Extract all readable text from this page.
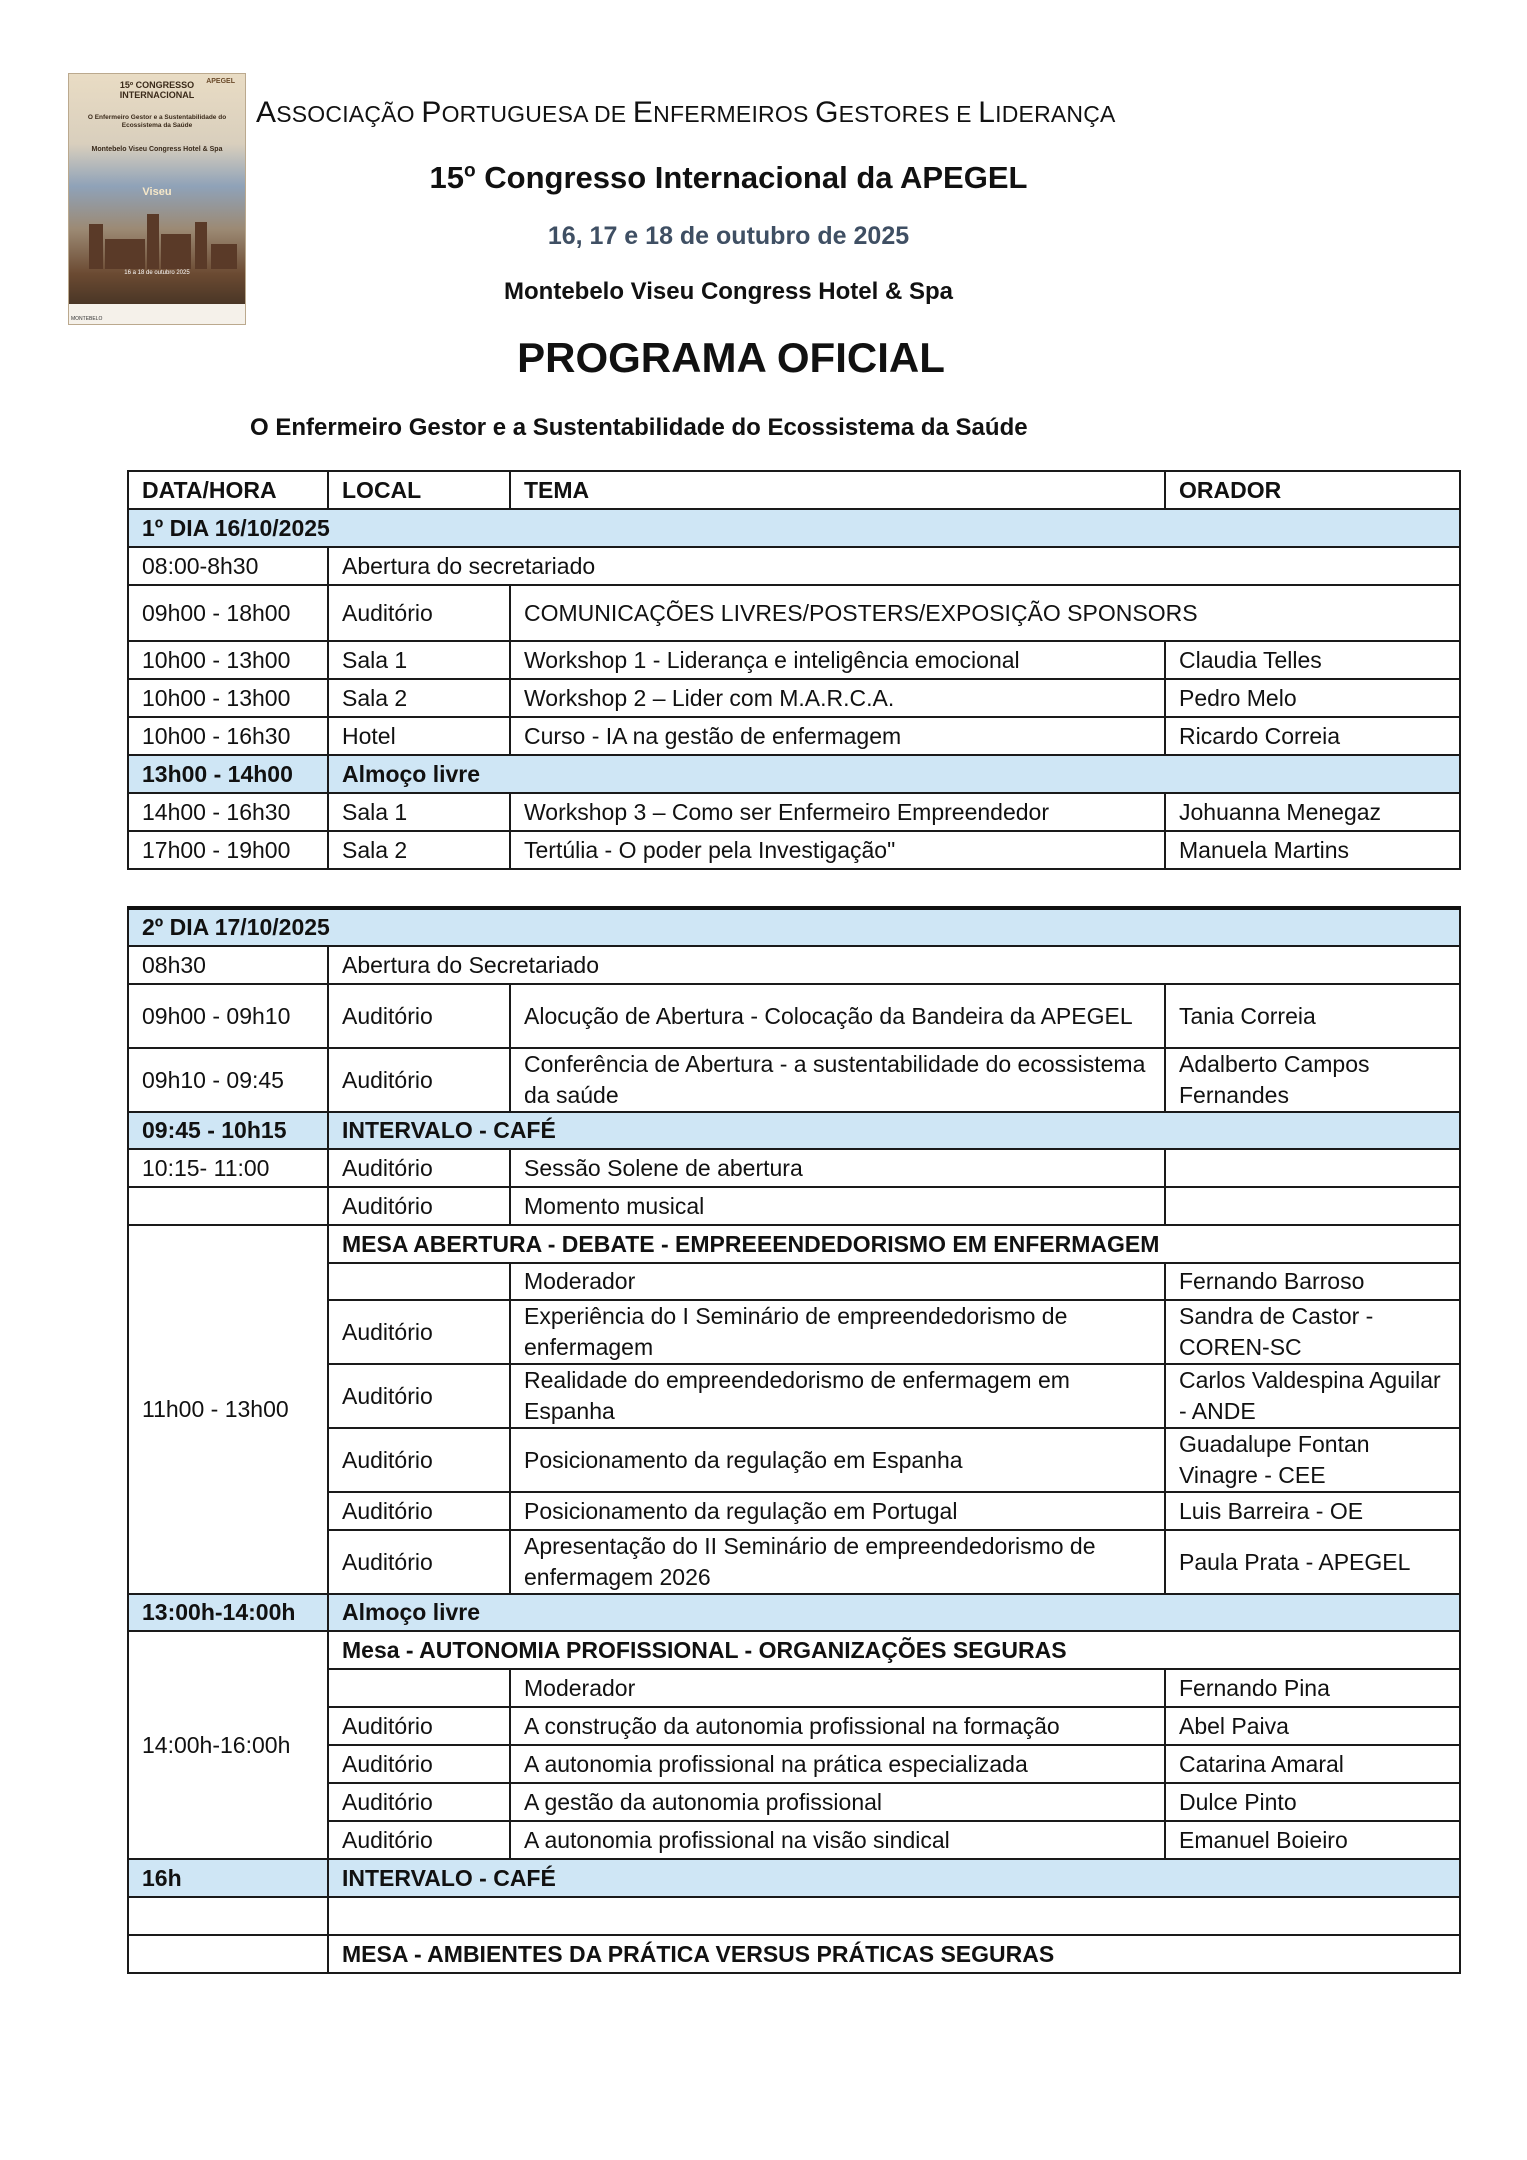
APEGEL
15º CONGRESSO INTERNACIONAL
O Enfermeiro Gestor e a Sustentabilidade do Ecossistema da Saúde
Montebelo Viseu Congress Hotel & Spa
Viseu
16 a 18 de outubro 2025
MONTEBELO
ASSOCIAÇÃO PORTUGUESA DE ENFERMEIROS GESTORES E LIDERANÇA
15$^o$ Congresso Internacional da APEGEL
16, 17 e 18 de outubro de 2025
Montebelo Viseu Congress Hotel & Spa
PROGRAMA OFICIAL
O Enfermeiro Gestor e a Sustentabilidade do Ecossistema da Saúde
DATA/HORA	LOCAL	TEMA	ORADOR
1º DIA 16/10/2025			
08:00-8h30	Abertura do secretariado		
09h00 - 18h00	Auditório	COMUNICAÇÕES LIVRES/POSTERS/EXPOSIÇÃO SPONSORS	
10h00 - 13h00	Sala 1	Workshop 1 - Liderança e inteligência emocional	Claudia Telles
10h00 - 13h00	Sala 2	Workshop 2 – Lider com M.A.R.C.A.	Pedro Melo
10h00 - 16h30	Hotel	Curso - IA na gestão de enfermagem	Ricardo Correia
13h00 - 14h00	Almoço livre		
14h00 - 16h30	Sala 1	Workshop 3 – Como ser Enfermeiro Empreendedor	Johuanna Menegaz
17h00 - 19h00	Sala 2	Tertúlia - O poder pela Investigação"	Manuela Martins
2º DIA 17/10/2025			
08h30	Abertura do Secretariado		
09h00 - 09h10	Auditório	Alocução de Abertura - Colocação da Bandeira da APEGEL	Tania Correia
09h10 - 09:45	Auditório	Conferência de Abertura - a sustentabilidade do ecossistema da saúde	Adalberto Campos Fernandes
09:45 - 10h15	INTERVALO - CAFÉ		
10:15- 11:00	Auditório	Sessão Solene de abertura	
	Auditório	Momento musical	
11h00 - 13h00	MESA ABERTURA - DEBATE - EMPREEENDEDORISMO EM ENFERMAGEM		
		Moderador	Fernando Barroso
	Auditório	Experiência do I Seminário de empreendedorismo de enfermagem	Sandra de Castor - COREN-SC
	Auditório	Realidade do empreendedorismo de enfermagem em Espanha	Carlos Valdespina Aguilar - ANDE
	Auditório	Posicionamento da regulação em Espanha	Guadalupe Fontan Vinagre - CEE
	Auditório	Posicionamento da regulação em Portugal	Luis Barreira - OE
	Auditório	Apresentação do II Seminário de empreendedorismo de enfermagem 2026	Paula Prata - APEGEL
13:00h-14:00h	Almoço livre		
14:00h-16:00h	Mesa - AUTONOMIA PROFISSIONAL - ORGANIZAÇÕES SEGURAS		
		Moderador	Fernando Pina
	Auditório	A construção da autonomia profissional na formação	Abel Paiva
	Auditório	A autonomia profissional na prática especializada	Catarina Amaral
	Auditório	A gestão da autonomia profissional	Dulce Pinto
	Auditório	A autonomia profissional na visão sindical	Emanuel Boieiro
16h	INTERVALO - CAFÉ		

	MESA - AMBIENTES DA PRÁTICA VERSUS PRÁTICAS SEGURAS		
